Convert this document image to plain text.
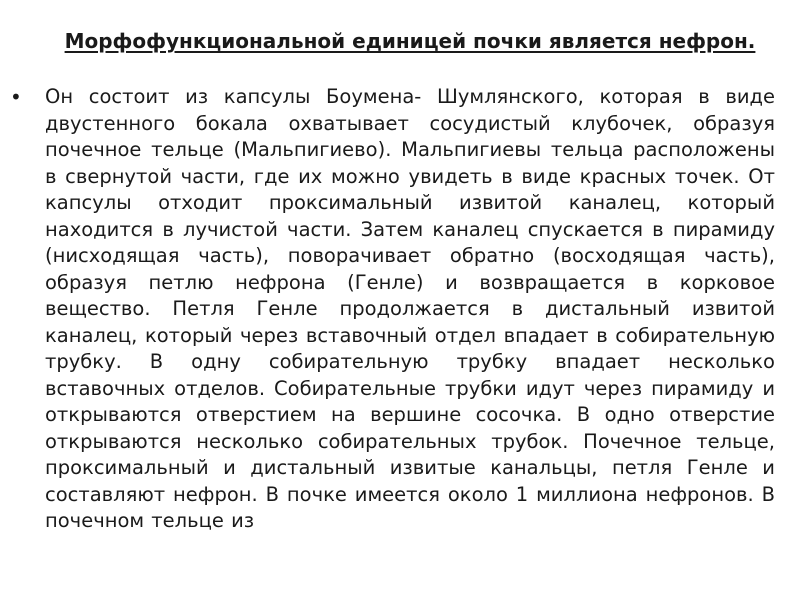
Морфофункциональной единицей почки является нефрон.
• Он состоит из капсулы Боумена- Шумлянского, которая в виде двустенного бокала охватывает сосудистый клубочек, образуя почечное тельце (Мальпигиево). Мальпигиевы тельца расположены в свернутой части, где их можно увидеть в виде красных точек. От капсулы отходит проксимальный извитой каналец, который находится в лучистой части. Затем каналец спускается в пирамиду (нисходящая часть), поворачивает обратно (восходящая часть), образуя петлю нефрона (Генле) и возвращается в корковое вещество. Петля Генле продолжается в дистальный извитой каналец, который через вставочный отдел впадает в собирательную трубку. В одну собирательную трубку впадает несколько вставочных отделов. Собирательные трубки идут через пирамиду и открываются отверстием на вершине сосочка. В одно отверстие открываются несколько собирательных трубок. Почечное тельце, проксимальный и дистальный извитые канальцы, петля Генле и составляют нефрон. В почке имеется около 1 миллиона нефронов. В почечном тельце из
